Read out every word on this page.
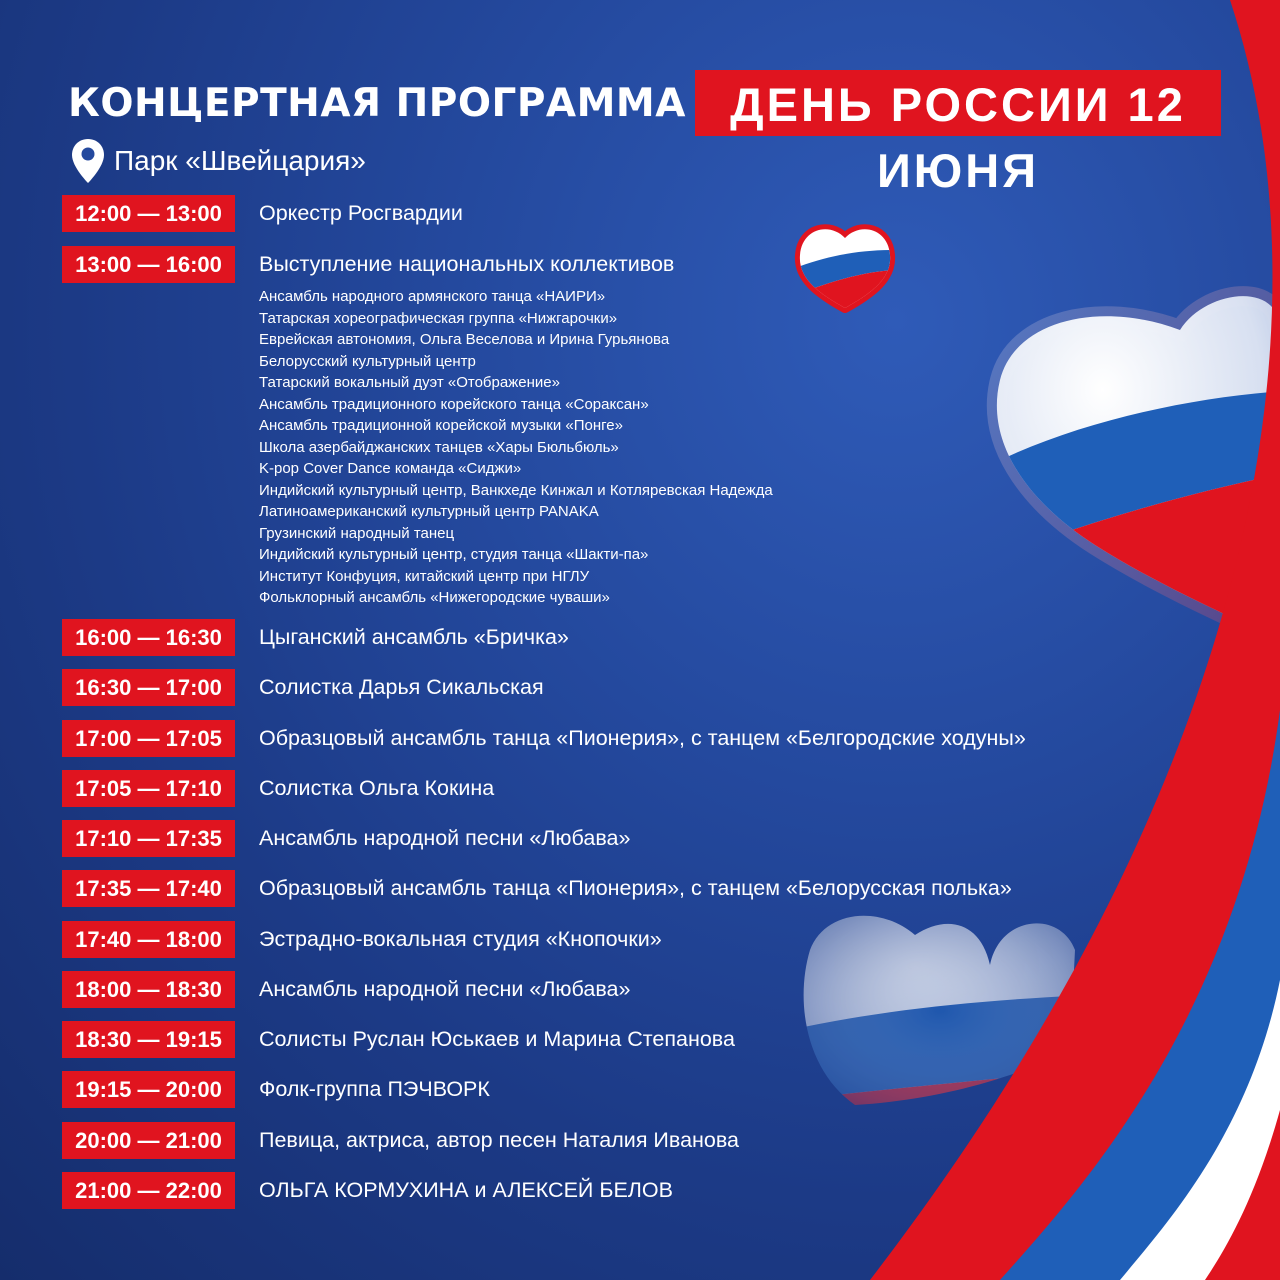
КОНЦЕРТНАЯ ПРОГРАММА ДЕНЬ РОССИИ 12 ИЮНЯ
Парк «Швейцария»
12:00 — 13:00	Оркестр Росгвардии
13:00 — 16:00	Выступление национальных коллективов
Ансамбль народного армянского танца «НАИРИ»
Татарская хореографическая группа «Нижгарочки»
Еврейская автономия, Ольга Веселова и Ирина Гурьянова
Белорусский культурный центр
Татарский вокальный дуэт «Отображение»
Ансамбль традиционного корейского танца «Сораксан»
Ансамбль традиционной корейской музыки «Понге»
Школа азербайджанских танцев «Хары Бюльбюль»
K-pop Cover Dance команда «Сиджи»
Индийский культурный центр, Ванкхеде Кинжал и Котляревская Надежда
Латиноамериканский культурный центр PANAKA
Грузинский народный танец
Индийский культурный центр, студия танца «Шакти-па»
Институт Конфуция, китайский центр при НГЛУ
Фольклорный ансамбль «Нижегородские чуваши»
16:00 — 16:30	Цыганский ансамбль «Бричка»
16:30 — 17:00	Солистка Дарья Сикальская
17:00 — 17:05	Образцовый ансамбль танца «Пионерия», с танцем «Белгородские ходуны»
17:05 — 17:10	Солистка Ольга Кокина
17:10 — 17:35	Ансамбль народной песни «Любава»
17:35 — 17:40	Образцовый ансамбль танца «Пионерия», с танцем «Белорусская полька»
17:40 — 18:00	Эстрадно-вокальная студия «Кнопочки»
18:00 — 18:30	Ансамбль народной песни «Любава»
18:30 — 19:15	Солисты Руслан Юськаев и Марина Степанова
19:15 — 20:00	Фолк-группа ПЭЧВОРК
20:00 — 21:00	Певица, актриса, автор песен Наталия Иванова
21:00 — 22:00	ОЛЬГА КОРМУХИНА и АЛЕКСЕЙ БЕЛОВ
